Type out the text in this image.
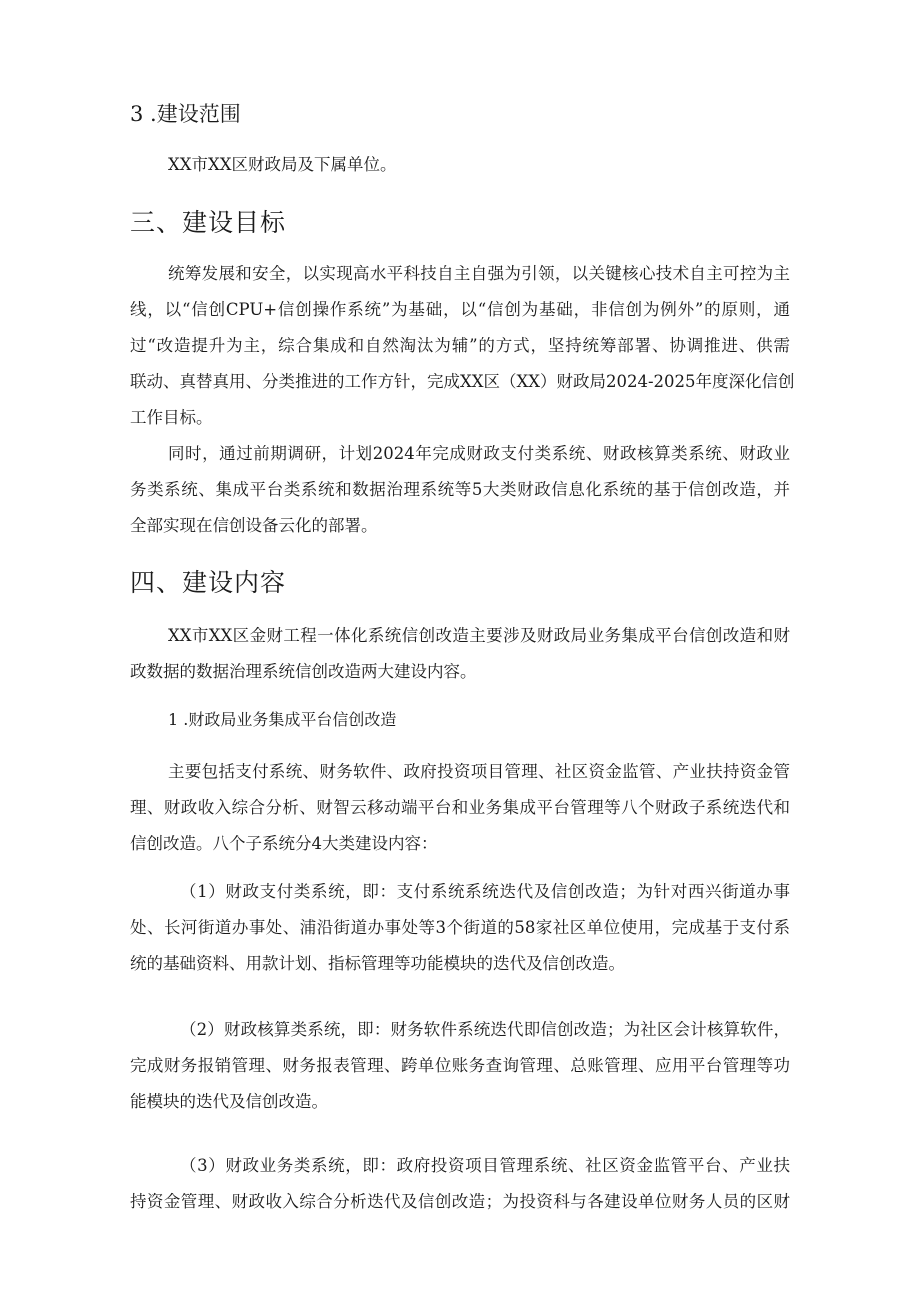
3 .建设范围
XX市XX区财政局及下属单位。
三、建设目标
统筹发展和安全，以实现高水平科技自主自强为引领，以关键核心技术自主可控为主
线，以“信创CPU+信创操作系统”为基础，以“信创为基础，非信创为例外”的原则，通
过“改造提升为主，综合集成和自然淘汰为辅”的方式，坚持统筹部署、协调推进、供需
联动、真替真用、分类推进的工作方针，完成XX区（XX）财政局2024-2025年度深化信创
工作目标。
同时，通过前期调研，计划2024年完成财政支付类系统、财政核算类系统、财政业
务类系统、集成平台类系统和数据治理系统等5大类财政信息化系统的基于信创改造，并
全部实现在信创设备云化的部署。
四、建设内容
XX市XX区金财工程一体化系统信创改造主要涉及财政局业务集成平台信创改造和财
政数据的数据治理系统信创改造两大建设内容。
1 .财政局业务集成平台信创改造
主要包括支付系统、财务软件、政府投资项目管理、社区资金监管、产业扶持资金管
理、财政收入综合分析、财智云移动端平台和业务集成平台管理等八个财政子系统迭代和
信创改造。八个子系统分4大类建设内容：
（1）财政支付类系统，即：支付系统系统迭代及信创改造；为针对西兴街道办事
处、长河街道办事处、浦沿街道办事处等3个街道的58家社区单位使用，完成基于支付系
统的基础资料、用款计划、指标管理等功能模块的迭代及信创改造。
（2）财政核算类系统，即：财务软件系统迭代即信创改造；为社区会计核算软件，
完成财务报销管理、财务报表管理、跨单位账务查询管理、总账管理、应用平台管理等功
能模块的迭代及信创改造。
（3）财政业务类系统，即：政府投资项目管理系统、社区资金监管平台、产业扶
持资金管理、财政收入综合分析迭代及信创改造；为投资科与各建设单位财务人员的区财
